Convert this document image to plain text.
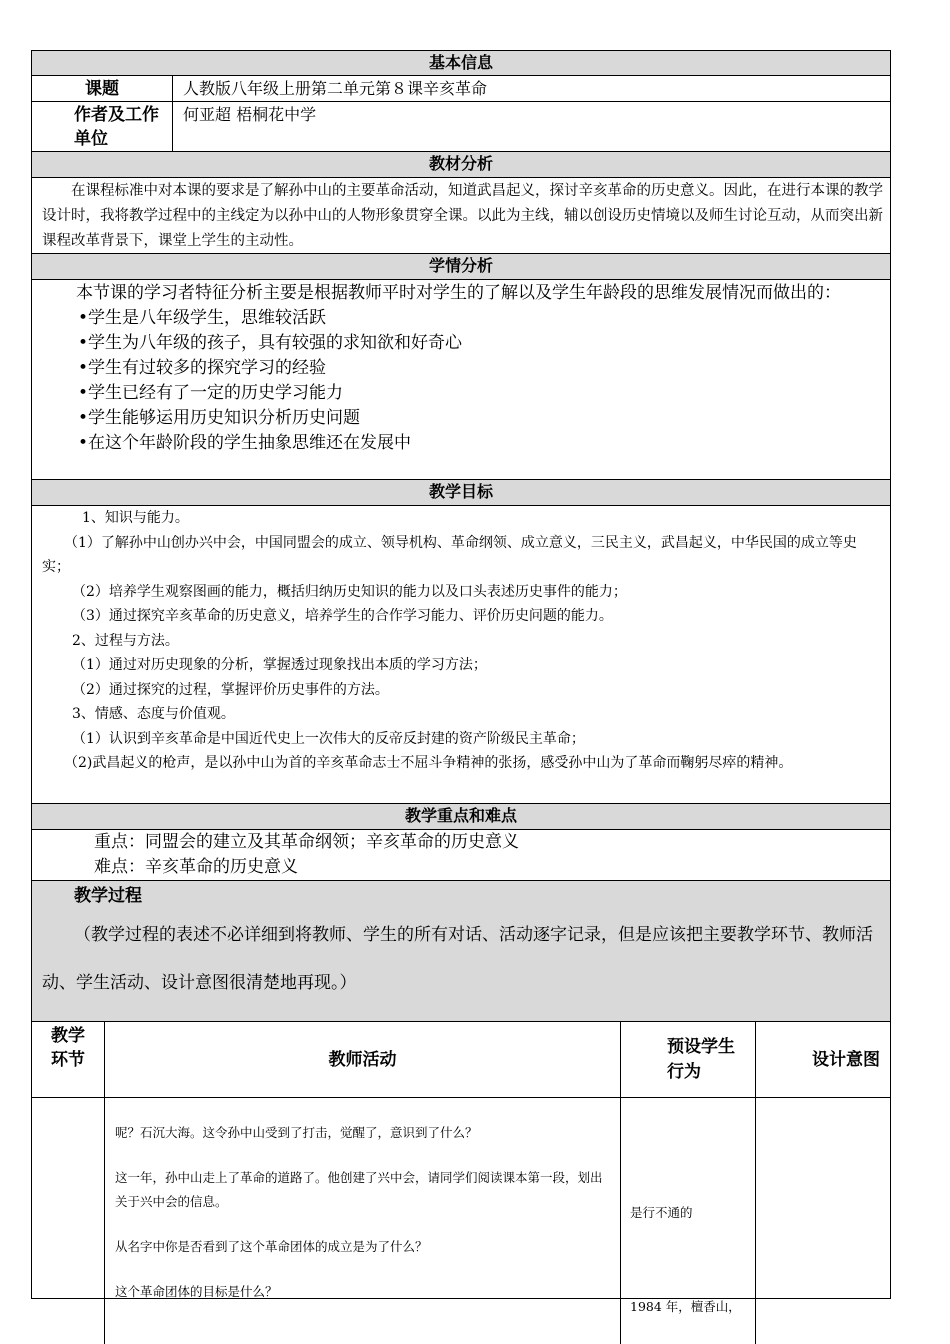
基本信息
课题	人教版八年级上册第二单元第８课辛亥革命
作者及工作单位
何亚超 梧桐花中学
教材分析

在课程标准中对本课的要求是了解孙中山的主要革命活动，知道武昌起义，探讨辛亥革命的历史意义。因此，在进行本课的教学设计时，我将教学过程中的主线定为以孙中山的人物形象贯穿全课。以此为主线，辅以创设历史情境以及师生讨论互动，从而突出新课程改革背景下，课堂上学生的主动性。

学情分析

本节课的学习者特征分析主要是根据教师平时对学生的了解以及学生年龄段的思维发展情况而做出的：

•学生是八年级学生，思维较活跃

•学生为八年级的孩子，具有较强的求知欲和好奇心

•学生有过较多的探究学习的经验

•学生已经有了一定的历史学习能力

•学生能够运用历史知识分析历史问题

•在这个年龄阶段的学生抽象思维还在发展中

教学目标

1、知识与能力。

（1）了解孙中山创办兴中会，中国同盟会的成立、领导机构、革命纲领、成立意义，三民主义，武昌起义，中华民国的成立等史实；

（2）培养学生观察图画的能力，概括归纳历史知识的能力以及口头表述历史事件的能力；

（3）通过探究辛亥革命的历史意义，培养学生的合作学习能力、评价历史问题的能力。

2、过程与方法。

（1）通过对历史现象的分析，掌握透过现象找出本质的学习方法；

（2）通过探究的过程，掌握评价历史事件的方法。

3、情感、态度与价值观。

（1）认识到辛亥革命是中国近代史上一次伟大的反帝反封建的资产阶级民主革命；

（2)武昌起义的枪声，是以孙中山为首的辛亥革命志士不屈斗争精神的张扬，感受孙中山为了革命而鞠躬尽瘁的精神。

教学重点和难点

重点：同盟会的建立及其革命纲领；辛亥革命的历史意义

难点：辛亥革命的历史意义

教学过程

（教学过程的表述不必详细到将教师、学生的所有对话、活动逐字记录，但是应该把主要教学环节、教师活动、学生活动、设计意图很清楚地再现。）

教学环节	教师活动
预设学生行为
设计意图

呢？石沉大海。这令孙中山受到了打击，觉醒了，意识到了什么？

这一年，孙中山走上了革命的道路了。他创建了兴中会，请同学们阅读课本第一段，划出关于兴中会的信息。

从名字中你是否看到了这个革命团体的成立是为了什么？

这个革命团体的目标是什么？

是行不通的

1984 年，檀香山，
